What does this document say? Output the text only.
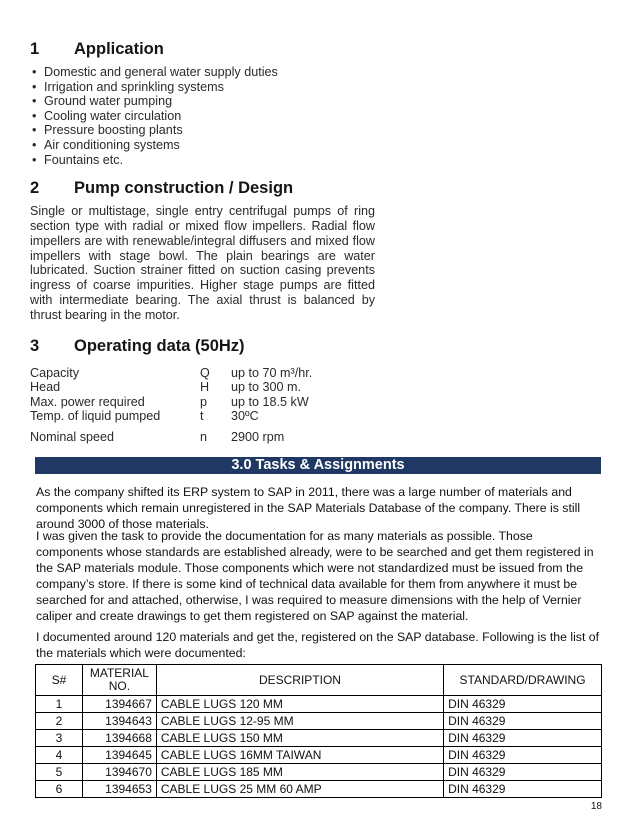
1	Application
• Domestic and general water supply duties
• Irrigation and sprinkling systems
• Ground water pumping
• Cooling water circulation
• Pressure boosting plants
• Air conditioning systems
• Fountains etc.
2	Pump construction / Design

Single or multistage, single entry centrifugal pumps of ring section type with radial or mixed flow impellers. Radial flow impellers are with renewable/integral diffusers and mixed flow impellers with stage bowl. The plain bearings are water lubricated. Suction strainer fitted on suction casing prevents ingress of coarse impurities. Higher stage pumps are fitted with intermediate bearing. The axial thrust is balanced by thrust bearing in the motor.

3	Operating data (50Hz)
Capacity	Q	up to 70 m³/hr.
Head	H	up to 300 m.
Max. power required	p	up to 18.5 kW
Temp. of liquid pumped	t	30ºC
Nominal speed	n	2900 rpm
3.0 Tasks & Assignments

As the company shifted its ERP system to SAP in 2011, there was a large number of materials and components which remain unregistered in the SAP Materials Database of the company. There is still around 3000 of those materials.

I was given the task to provide the documentation for as many materials as possible. Those components whose standards are established already, were to be searched and get them registered in the SAP materials module. Those components which were not standardized must be issued from the company’s store. If there is some kind of technical data available for them from anywhere it must be searched for and attached, otherwise, I was required to measure dimensions with the help of Vernier caliper and create drawings to get them registered on SAP against the material.

I documented around 120 materials and get the, registered on the SAP database. Following is the list of the materials which were documented:

S#	MATERIAL NO.	DESCRIPTION	STANDARD/DRAWING
1	1394667	CABLE LUGS 120 MM	DIN 46329
2	1394643	CABLE LUGS 12-95 MM	DIN 46329
3	1394668	CABLE LUGS 150 MM	DIN 46329
4	1394645	CABLE LUGS 16MM TAIWAN	DIN 46329
5	1394670	CABLE LUGS 185 MM	DIN 46329
6	1394653	CABLE LUGS 25 MM 60 AMP	DIN 46329
18
